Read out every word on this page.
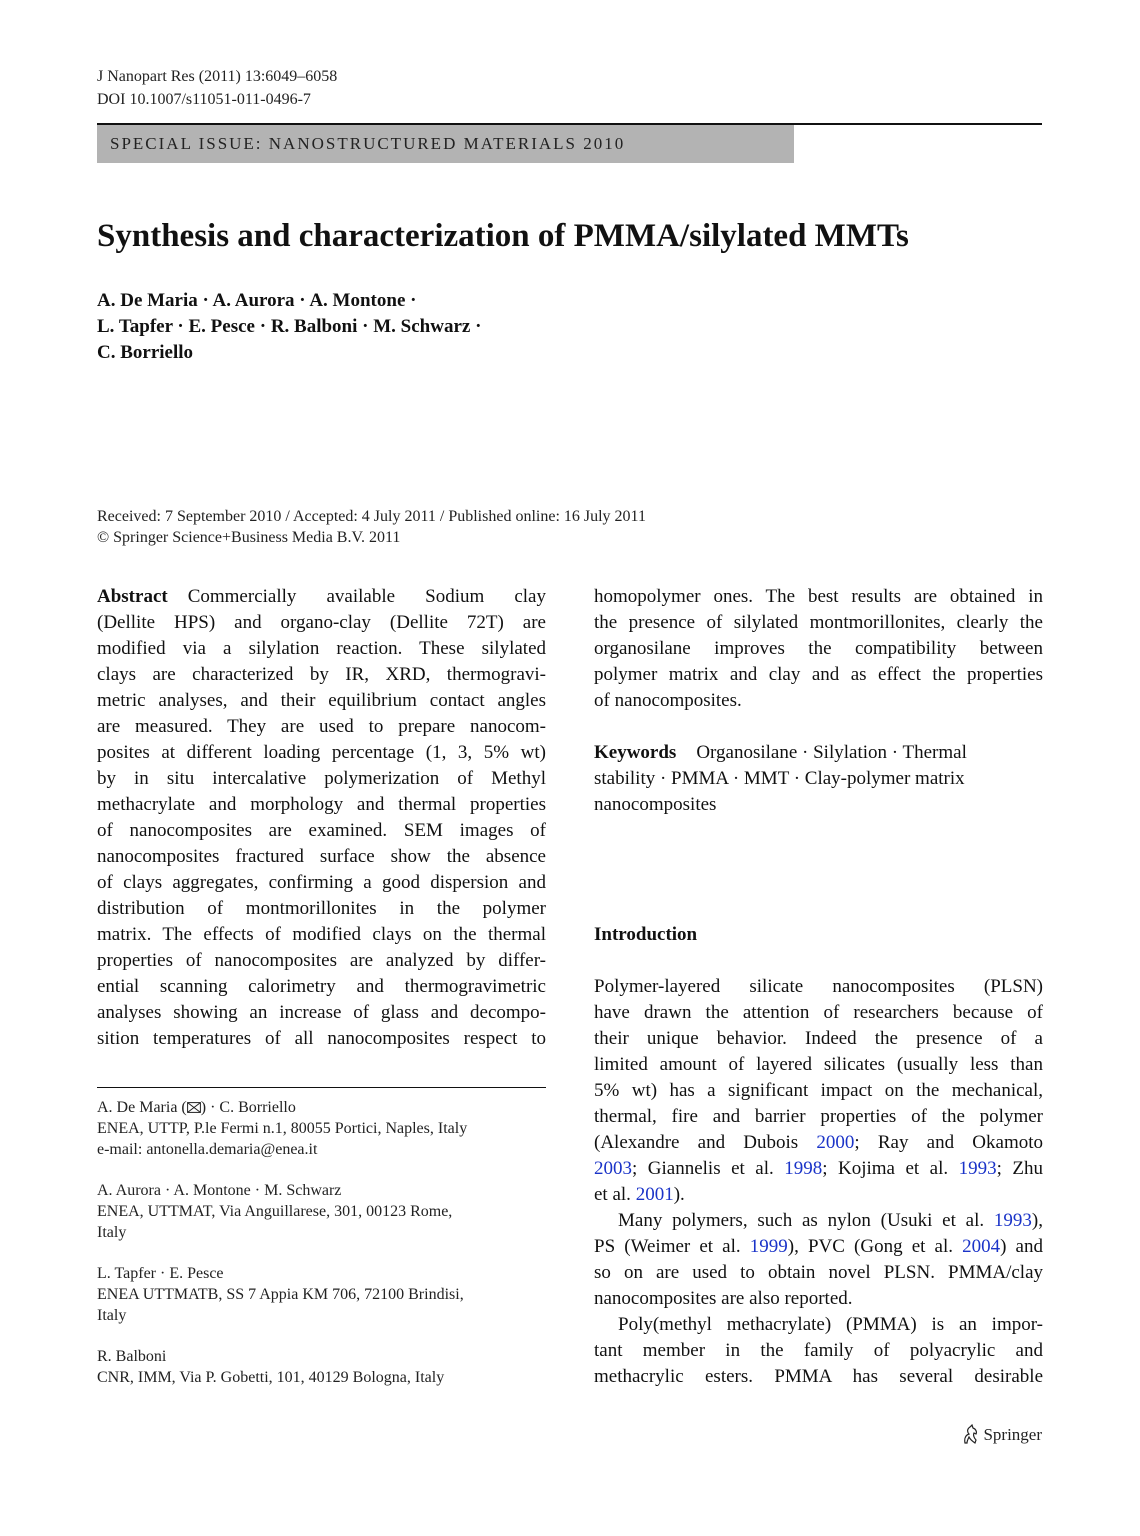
J Nanopart Res (2011) 13:6049–6058
DOI 10.1007/s11051-011-0496-7
SPECIAL ISSUE: NANOSTRUCTURED MATERIALS 2010
Synthesis and characterization of PMMA/silylated MMTs
A. De Maria · A. Aurora · A. Montone ·
L. Tapfer · E. Pesce · R. Balboni · M. Schwarz ·
C. Borriello
Received: 7 September 2010 / Accepted: 4 July 2011 / Published online: 16 July 2011
© Springer Science+Business Media B.V. 2011

Abstract Commercially available Sodium clay

(Dellite HPS) and organo-clay (Dellite 72T) are

modified via a silylation reaction. These silylated

clays are characterized by IR, XRD, thermogravi-

metric analyses, and their equilibrium contact angles

are measured. They are used to prepare nanocom-

posites at different loading percentage (1, 3, 5% wt)

by in situ intercalative polymerization of Methyl

methacrylate and morphology and thermal properties

of nanocomposites are examined. SEM images of

nanocomposites fractured surface show the absence

of clays aggregates, confirming a good dispersion and

distribution of montmorillonites in the polymer

matrix. The effects of modified clays on the thermal

properties of nanocomposites are analyzed by differ-

ential scanning calorimetry and thermogravimetric

analyses showing an increase of glass and decompo-

sition temperatures of all nanocomposites respect to

A. De Maria ( ) · C. Borriello
ENEA, UTTP, P.le Fermi n.1, 80055 Portici, Naples, Italy
e-mail: antonella.demaria@enea.it
A. Aurora · A. Montone · M. Schwarz
ENEA, UTTMAT, Via Anguillarese, 301, 00123 Rome,
Italy
L. Tapfer · E. Pesce
ENEA UTTMATB, SS 7 Appia KM 706, 72100 Brindisi,
Italy
R. Balboni
CNR, IMM, Via P. Gobetti, 101, 40129 Bologna, Italy

homopolymer ones. The best results are obtained in

the presence of silylated montmorillonites, clearly the

organosilane improves the compatibility between

polymer matrix and clay and as effect the properties

of nanocomposites.

Keywords Organosilane · Silylation · Thermal

stability · PMMA · MMT · Clay-polymer matrix

nanocomposites

Introduction

Polymer-layered silicate nanocomposites (PLSN)

have drawn the attention of researchers because of

their unique behavior. Indeed the presence of a

limited amount of layered silicates (usually less than

5% wt) has a significant impact on the mechanical,

thermal, fire and barrier properties of the polymer

(Alexandre and Dubois 2000; Ray and Okamoto

2003; Giannelis et al. 1998; Kojima et al. 1993; Zhu

et al. 2001).

Many polymers, such as nylon (Usuki et al. 1993),

PS (Weimer et al. 1999), PVC (Gong et al. 2004) and

so on are used to obtain novel PLSN. PMMA/clay

nanocomposites are also reported.

Poly(methyl methacrylate) (PMMA) is an impor-

tant member in the family of polyacrylic and

methacrylic esters. PMMA has several desirable

Springer
